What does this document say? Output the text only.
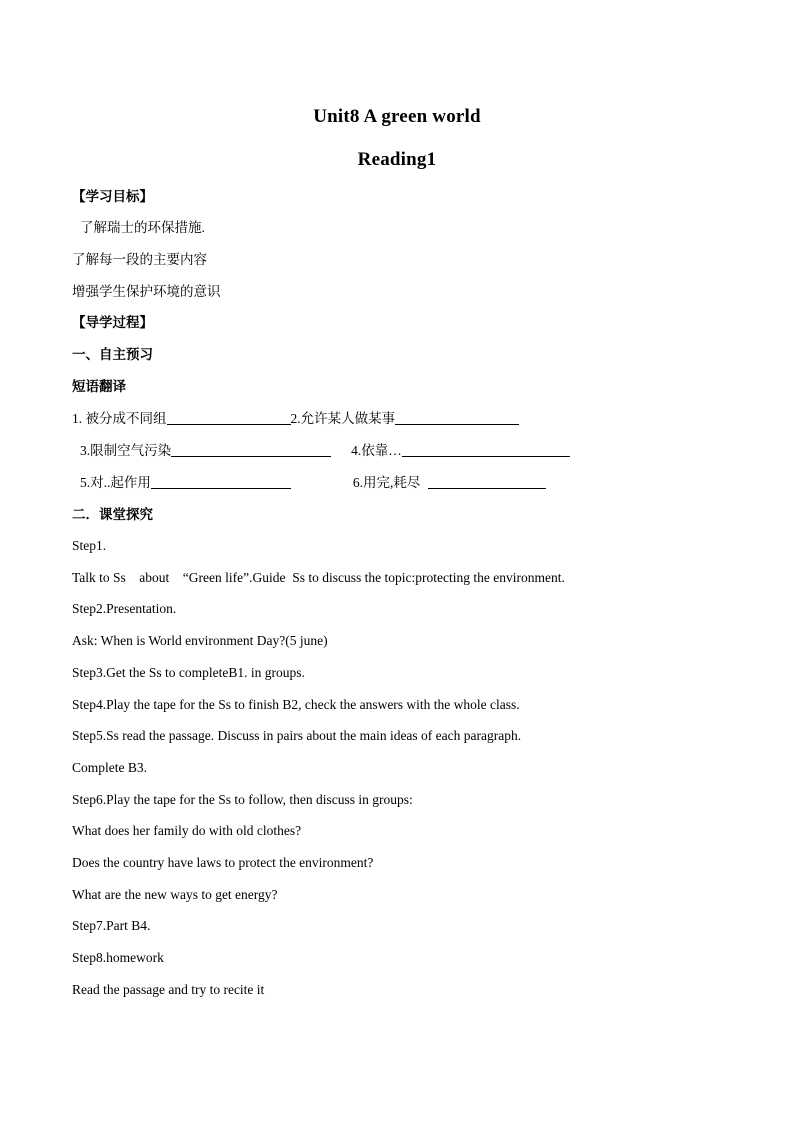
Unit8 A green world
Reading1
【学习目标】
了解瑞士的环保措施.
了解每一段的主要内容
增强学生保护环境的意识
【导学过程】
一、自主预习
短语翻译
1. 被分成不同组	2.允许某人做某事
3.限制空气污染	4.依靠…
5.对..起作用	6.用完,耗尽
二．课堂探究
Step1.
Talk to Ss    about    “Green life”.Guide  Ss to discuss the topic:protecting the environment.
Step2.Presentation.
Ask: When is World environment Day?(5 june)
Step3.Get the Ss to completeB1. in groups.
Step4.Play the tape for the Ss to finish B2, check the answers with the whole class.
Step5.Ss read the passage. Discuss in pairs about the main ideas of each paragraph.
Complete B3.
Step6.Play the tape for the Ss to follow, then discuss in groups:
What does her family do with old clothes?
Does the country have laws to protect the environment?
What are the new ways to get energy?
Step7.Part B4.
Step8.homework
Read the passage and try to recite it
